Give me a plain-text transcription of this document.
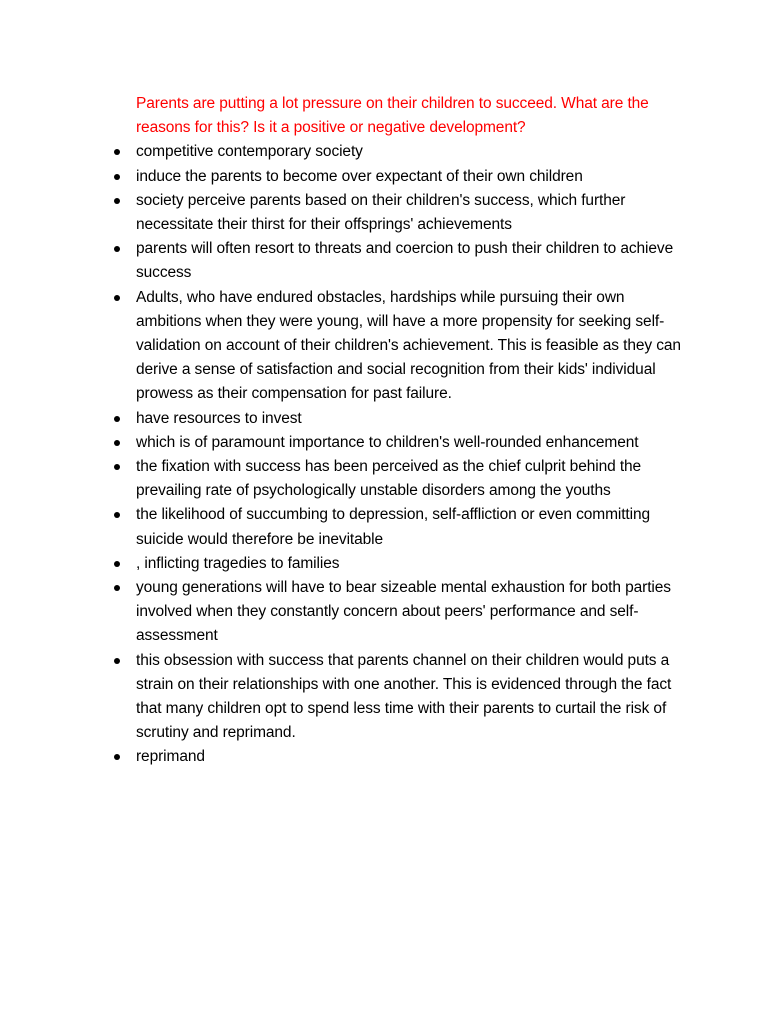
Parents are putting a lot pressure on their children to succeed. What are the reasons for this? Is it a positive or negative development?

competitive contemporary society
induce the parents to become over expectant of their own children
society perceive parents based on their children's success, which further necessitate their thirst for their offsprings' achievements
parents will often resort to threats and coercion to push their children to achieve success
Adults, who have endured obstacles, hardships while pursuing their own ambitions when they were young, will have a more propensity for seeking self-validation on account of their children's achievement. This is feasible as they can derive a sense of satisfaction and social recognition from their kids' individual prowess as their compensation for past failure.
have resources to invest
which is of paramount importance to children's well-rounded enhancement
the fixation with success has been perceived as the chief culprit behind the prevailing rate of psychologically unstable disorders among the youths
the likelihood of succumbing to depression, self-affliction or even committing suicide would therefore be inevitable
, inflicting tragedies to families
young generations will have to bear sizeable mental exhaustion for both parties involved when they constantly concern about peers' performance and self-assessment
this obsession with success that parents channel on their children would puts a strain on their relationships with one another. This is evidenced through the fact that many children opt to spend less time with their parents to curtail the risk of scrutiny and reprimand.
reprimand
